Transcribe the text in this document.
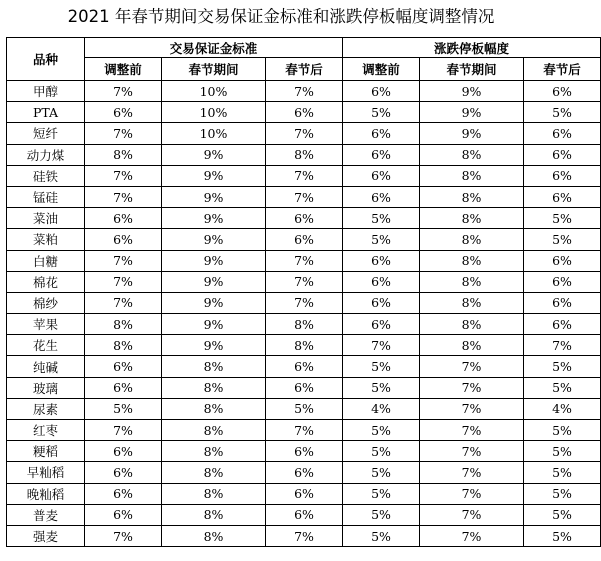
2021 年春节期间交易保证金标准和涨跌停板幅度调整情况
品种	交易保证金标准			涨跌停板幅度		
	调整前	春节期间	春节后	调整前	春节期间	春节后
甲醇	7%	10%	7%	6%	9%	6%
PTA	6%	10%	6%	5%	9%	5%
短纤	7%	10%	7%	6%	9%	6%
动力煤	8%	9%	8%	6%	8%	6%
硅铁	7%	9%	7%	6%	8%	6%
锰硅	7%	9%	7%	6%	8%	6%
菜油	6%	9%	6%	5%	8%	5%
菜粕	6%	9%	6%	5%	8%	5%
白糖	7%	9%	7%	6%	8%	6%
棉花	7%	9%	7%	6%	8%	6%
棉纱	7%	9%	7%	6%	8%	6%
苹果	8%	9%	8%	6%	8%	6%
花生	8%	9%	8%	7%	8%	7%
纯碱	6%	8%	6%	5%	7%	5%
玻璃	6%	8%	6%	5%	7%	5%
尿素	5%	8%	5%	4%	7%	4%
红枣	7%	8%	7%	5%	7%	5%
粳稻	6%	8%	6%	5%	7%	5%
早籼稻	6%	8%	6%	5%	7%	5%
晚籼稻	6%	8%	6%	5%	7%	5%
普麦	6%	8%	6%	5%	7%	5%
强麦	7%	8%	7%	5%	7%	5%
